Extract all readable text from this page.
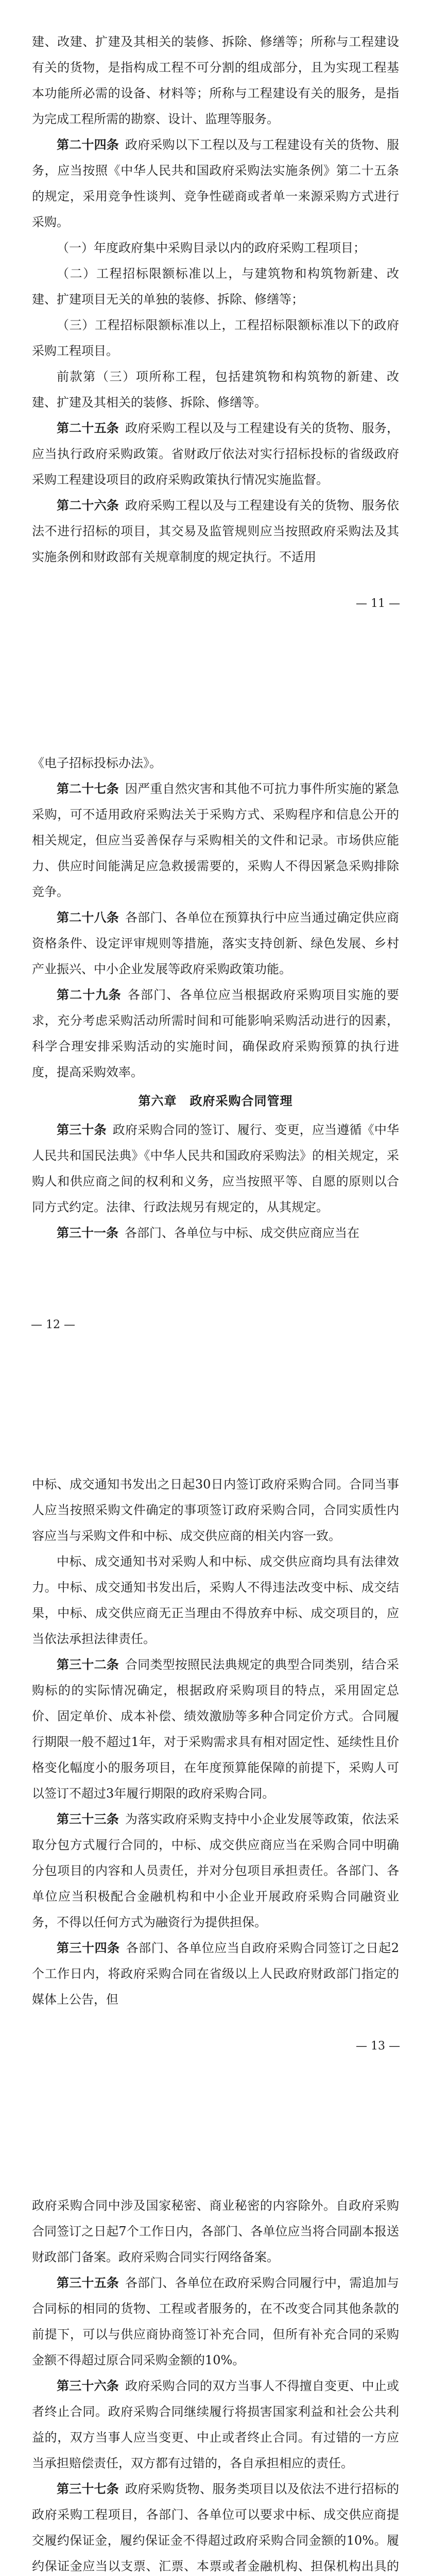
建、改建、扩建及其相关的装修、拆除、修缮等；所称与工程建设有关的货物，是指构成工程不可分割的组成部分，且为实现工程基本功能所必需的设备、材料等；所称与工程建设有关的服务，是指为完成工程所需的勘察、设计、监理等服务。

第二十四条 政府采购以下工程以及与工程建设有关的货物、服务，应当按照《中华人民共和国政府采购法实施条例》第二十五条的规定，采用竞争性谈判、竞争性磋商或者单一来源采购方式进行采购。

（一）年度政府集中采购目录以内的政府采购工程项目；

（二）工程招标限额标准以上，与建筑物和构筑物新建、改建、扩建项目无关的单独的装修、拆除、修缮等；

（三）工程招标限额标准以上，工程招标限额标准以下的政府采购工程项目。

前款第（三）项所称工程，包括建筑物和构筑物的新建、改建、扩建及其相关的装修、拆除、修缮等。

第二十五条 政府采购工程以及与工程建设有关的货物、服务，应当执行政府采购政策。省财政厅依法对实行招标投标的省级政府采购工程建设项目的政府采购政策执行情况实施监督。

第二十六条 政府采购工程以及与工程建设有关的货物、服务依法不进行招标的项目，其交易及监管规则应当按照政府采购法及其实施条例和财政部有关规章制度的规定执行。不适用

— 11 —

《电子招标投标办法》。

第二十七条 因严重自然灾害和其他不可抗力事件所实施的紧急采购，可不适用政府采购法关于采购方式、采购程序和信息公开的相关规定，但应当妥善保存与采购相关的文件和记录。市场供应能力、供应时间能满足应急救援需要的，采购人不得因紧急采购排除竞争。

第二十八条 各部门、各单位在预算执行中应当通过确定供应商资格条件、设定评审规则等措施，落实支持创新、绿色发展、乡村产业振兴、中小企业发展等政府采购政策功能。

第二十九条 各部门、各单位应当根据政府采购项目实施的要求，充分考虑采购活动所需时间和可能影响采购活动进行的因素，科学合理安排采购活动的实施时间，确保政府采购预算的执行进度，提高采购效率。

第六章　政府采购合同管理

第三十条 政府采购合同的签订、履行、变更，应当遵循《中华人民共和国民法典》《中华人民共和国政府采购法》的相关规定，采购人和供应商之间的权利和义务，应当按照平等、自愿的原则以合同方式约定。法律、行政法规另有规定的，从其规定。

第三十一条 各部门、各单位与中标、成交供应商应当在

— 12 —

中标、成交通知书发出之日起30日内签订政府采购合同。合同当事人应当按照采购文件确定的事项签订政府采购合同，合同实质性内容应当与采购文件和中标、成交供应商的相关内容一致。

中标、成交通知书对采购人和中标、成交供应商均具有法律效力。中标、成交通知书发出后，采购人不得违法改变中标、成交结果，中标、成交供应商无正当理由不得放弃中标、成交项目的，应当依法承担法律责任。

第三十二条 合同类型按照民法典规定的典型合同类别，结合采购标的的实际情况确定，根据政府采购项目的特点，采用固定总价、固定单价、成本补偿、绩效激励等多种合同定价方式。合同履行期限一般不超过1年，对于采购需求具有相对固定性、延续性且价格变化幅度小的服务项目，在年度预算能保障的前提下，采购人可以签订不超过3年履行期限的政府采购合同。

第三十三条 为落实政府采购支持中小企业发展等政策，依法采取分包方式履行合同的，中标、成交供应商应当在采购合同中明确分包项目的内容和人员责任，并对分包项目承担责任。各部门、各单位应当积极配合金融机构和中小企业开展政府采购合同融资业务，不得以任何方式为融资行为提供担保。

第三十四条 各部门、各单位应当自政府采购合同签订之日起2个工作日内，将政府采购合同在省级以上人民政府财政部门指定的媒体上公告，但

— 13 —

政府采购合同中涉及国家秘密、商业秘密的内容除外。自政府采购合同签订之日起7个工作日内，各部门、各单位应当将合同副本报送财政部门备案。政府采购合同实行网络备案。

第三十五条 各部门、各单位在政府采购合同履行中，需追加与合同标的相同的货物、工程或者服务的，在不改变合同其他条款的前提下，可以与供应商协商签订补充合同，但所有补充合同的采购金额不得超过原合同采购金额的10%。

第三十六条 政府采购合同的双方当事人不得擅自变更、中止或者终止合同。政府采购合同继续履行将损害国家利益和社会公共利益的，双方当事人应当变更、中止或者终止合同。有过错的一方应当承担赔偿责任，双方都有过错的，各自承担相应的责任。

第三十七条 政府采购货物、服务类项目以及依法不进行招标的政府采购工程项目，各部门、各单位可以要求中标、成交供应商提交履约保证金，履约保证金不得超过政府采购合同金额的10%。履约保证金应当以支票、汇票、本票或者金融机构、担保机构出具的
